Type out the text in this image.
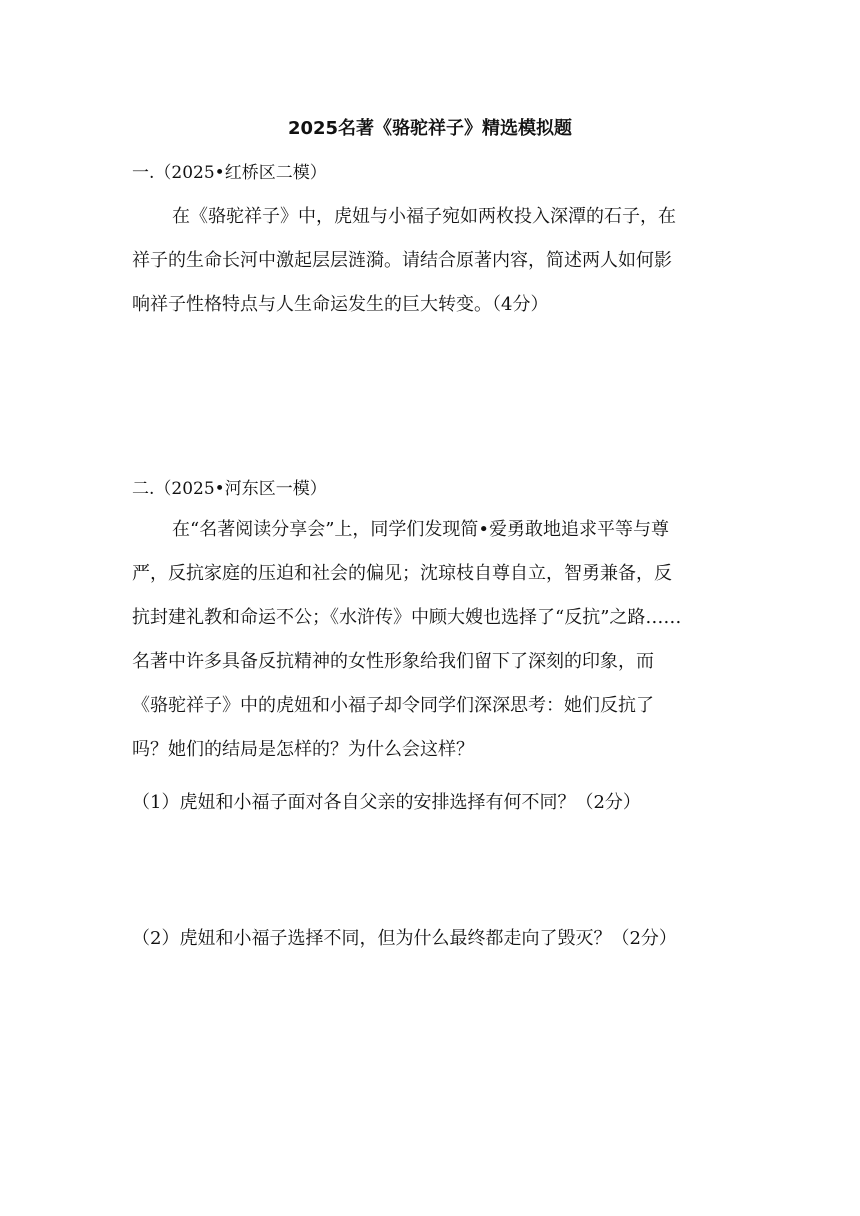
2025名著《骆驼祥子》精选模拟题
一.（2025•红桥区二模）
在《骆驼祥子》中，虎妞与小福子宛如两枚投入深潭的石子，在
祥子的生命长河中激起层层涟漪。请结合原著内容，简述两人如何影
响祥子性格特点与人生命运发生的巨大转变。（4分）
二.（2025•河东区一模）
在“名著阅读分享会”上，同学们发现简•爱勇敢地追求平等与尊
严，反抗家庭的压迫和社会的偏见；沈琼枝自尊自立，智勇兼备，反
抗封建礼教和命运不公；《水浒传》中顾大嫂也选择了“反抗”之路……
名著中许多具备反抗精神的女性形象给我们留下了深刻的印象，而
《骆驼祥子》中的虎妞和小福子却令同学们深深思考：她们反抗了
吗？她们的结局是怎样的？为什么会这样？
（1）虎妞和小福子面对各自父亲的安排选择有何不同？（2分）
（2）虎妞和小福子选择不同，但为什么最终都走向了毁灭？（2分）
